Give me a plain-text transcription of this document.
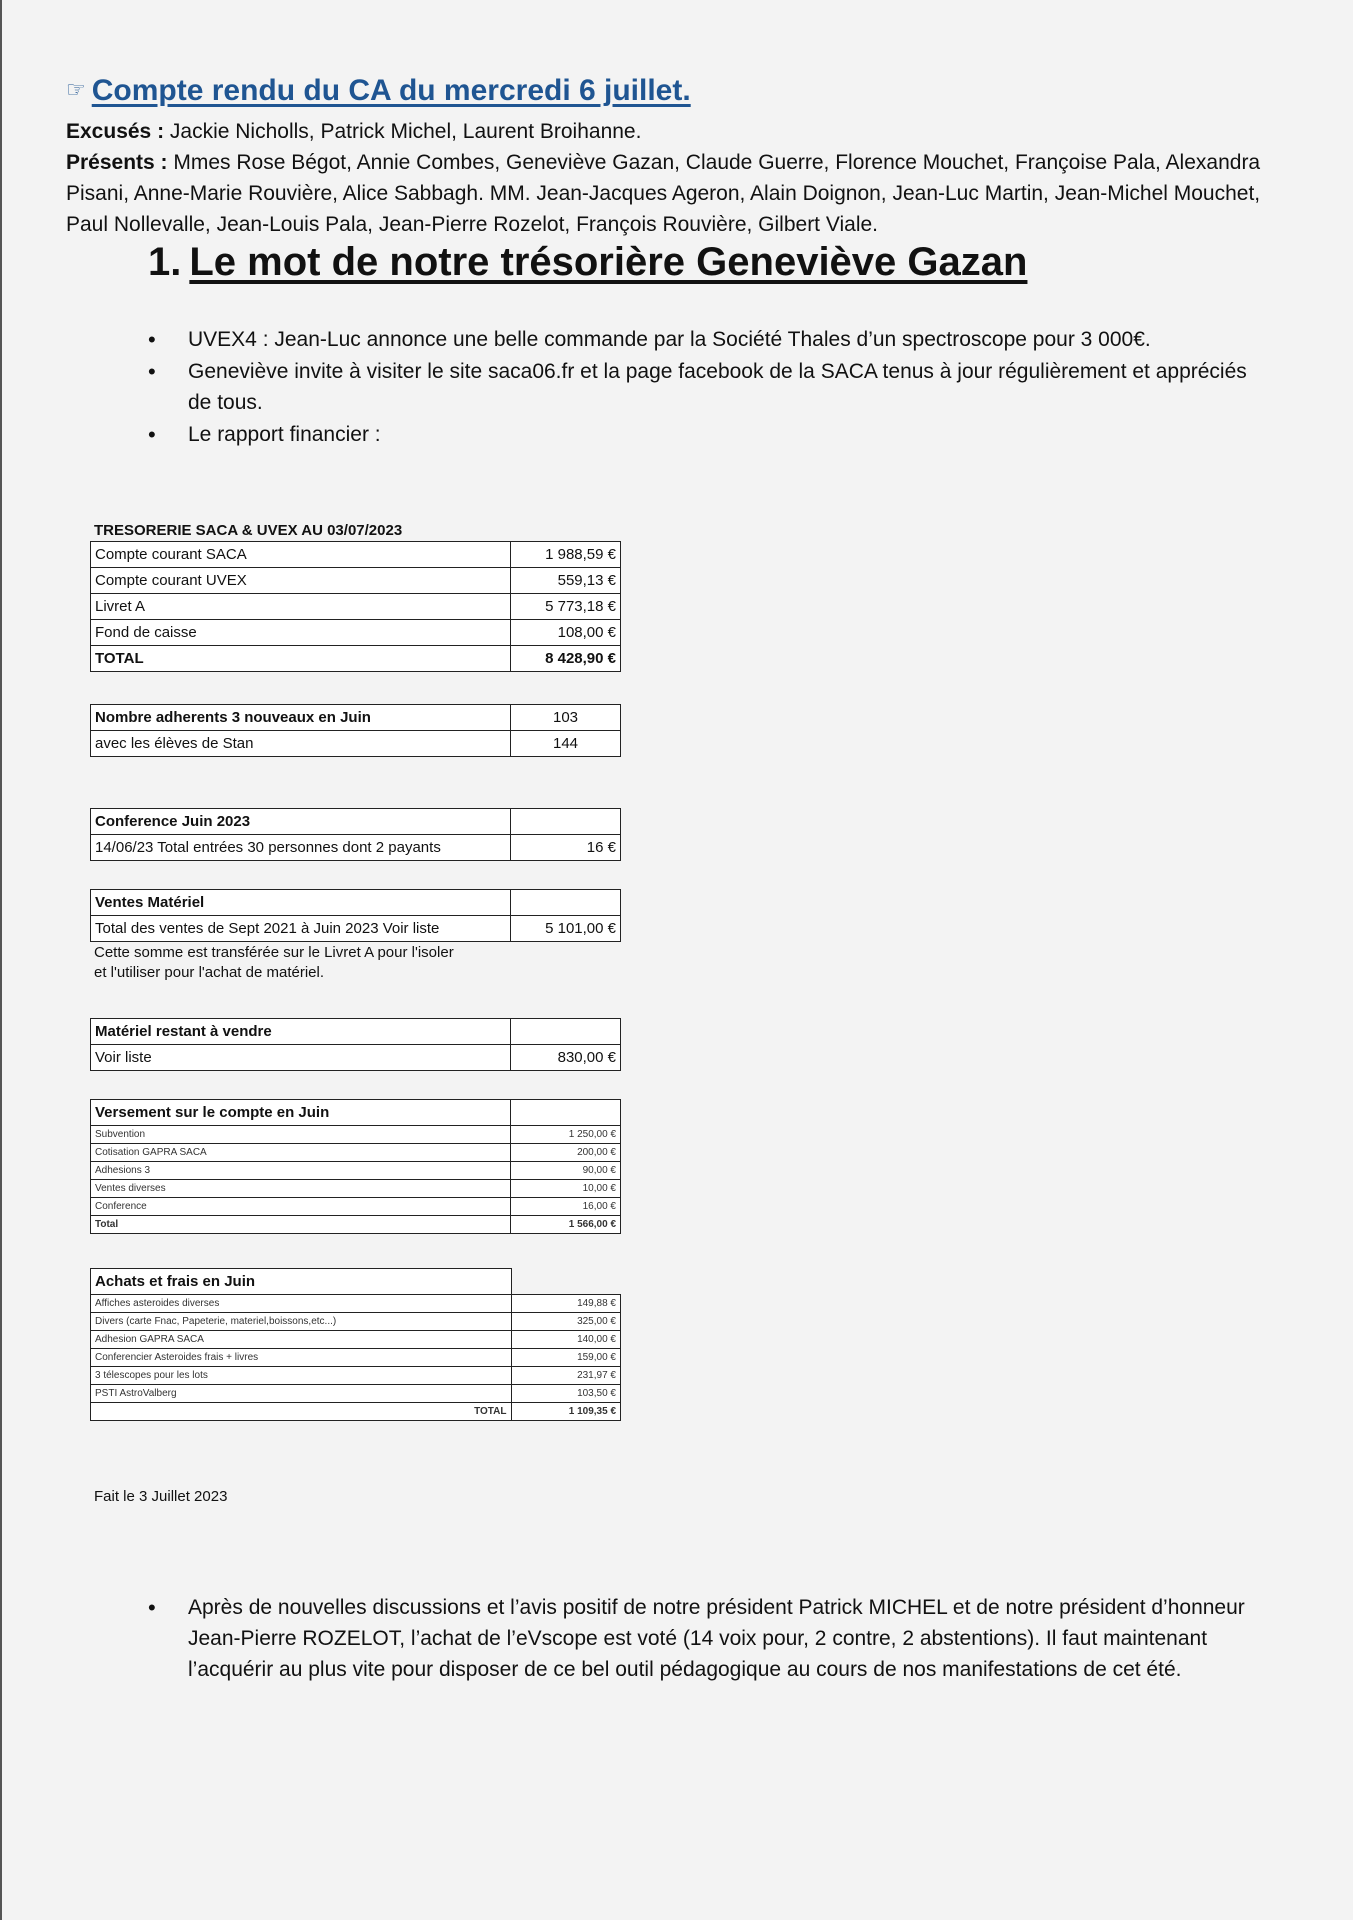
☞ Compte rendu du CA du mercredi 6 juillet.
Excusés : Jackie Nicholls, Patrick Michel, Laurent Broihanne.
Présents : Mmes Rose Bégot, Annie Combes, Geneviève Gazan, Claude Guerre, Florence Mouchet, Françoise Pala, Alexandra Pisani, Anne-Marie Rouvière, Alice Sabbagh. MM. Jean-Jacques Ageron, Alain Doignon, Jean-Luc Martin, Jean-Michel Mouchet, Paul Nollevalle, Jean-Louis Pala, Jean-Pierre Rozelot, François Rouvière, Gilbert Viale.
1. Le mot de notre trésorière Geneviève Gazan
• UVEX4 : Jean-Luc annonce une belle commande par la Société Thales d’un spectroscope pour 3 000€.
• Geneviève invite à visiter le site saca06.fr et la page facebook de la SACA tenus à jour régulièrement et appréciés de tous.
• Le rapport financier :
TRESORERIE SACA & UVEX AU 03/07/2023
Compte courant SACA	1 988,59 €
Compte courant UVEX	559,13 €
Livret A	5 773,18 €
Fond de caisse	108,00 €
TOTAL	8 428,90 €
Nombre adherents 3 nouveaux en Juin	103
avec les élèves de Stan	144
Conference Juin 2023	
14/06/23 Total entrées 30 personnes dont 2 payants	16 €
Ventes Matériel	
Total des ventes de Sept 2021 à Juin 2023 Voir liste	5 101,00 €
Cette somme est transférée sur le Livret A pour l'isoler
et l'utiliser pour l'achat de matériel.
Matériel restant à vendre	
Voir liste	830,00 €
Versement sur le compte en Juin	
Subvention	1 250,00 €
Cotisation GAPRA SACA	200,00 €
Adhesions 3	90,00 €
Ventes diverses	10,00 €
Conference	16,00 €
Total	1 566,00 €
Achats et frais en Juin	
Affiches asteroides diverses	149,88 €
Divers (carte Fnac, Papeterie, materiel,boissons,etc...)	325,00 €
Adhesion GAPRA SACA	140,00 €
Conferencier Asteroides frais + livres	159,00 €
3 télescopes pour les lots	231,97 €
PSTI AstroValberg	103,50 €
TOTAL	1 109,35 €
Fait le 3 Juillet 2023
• Après de nouvelles discussions et l’avis positif de notre président Patrick MICHEL et de notre président d’honneur Jean-Pierre ROZELOT, l’achat de l’eVscope est voté (14 voix pour, 2 contre, 2 abstentions). Il faut maintenant l’acquérir au plus vite pour disposer de ce bel outil pédagogique au cours de nos manifestations de cet été.
